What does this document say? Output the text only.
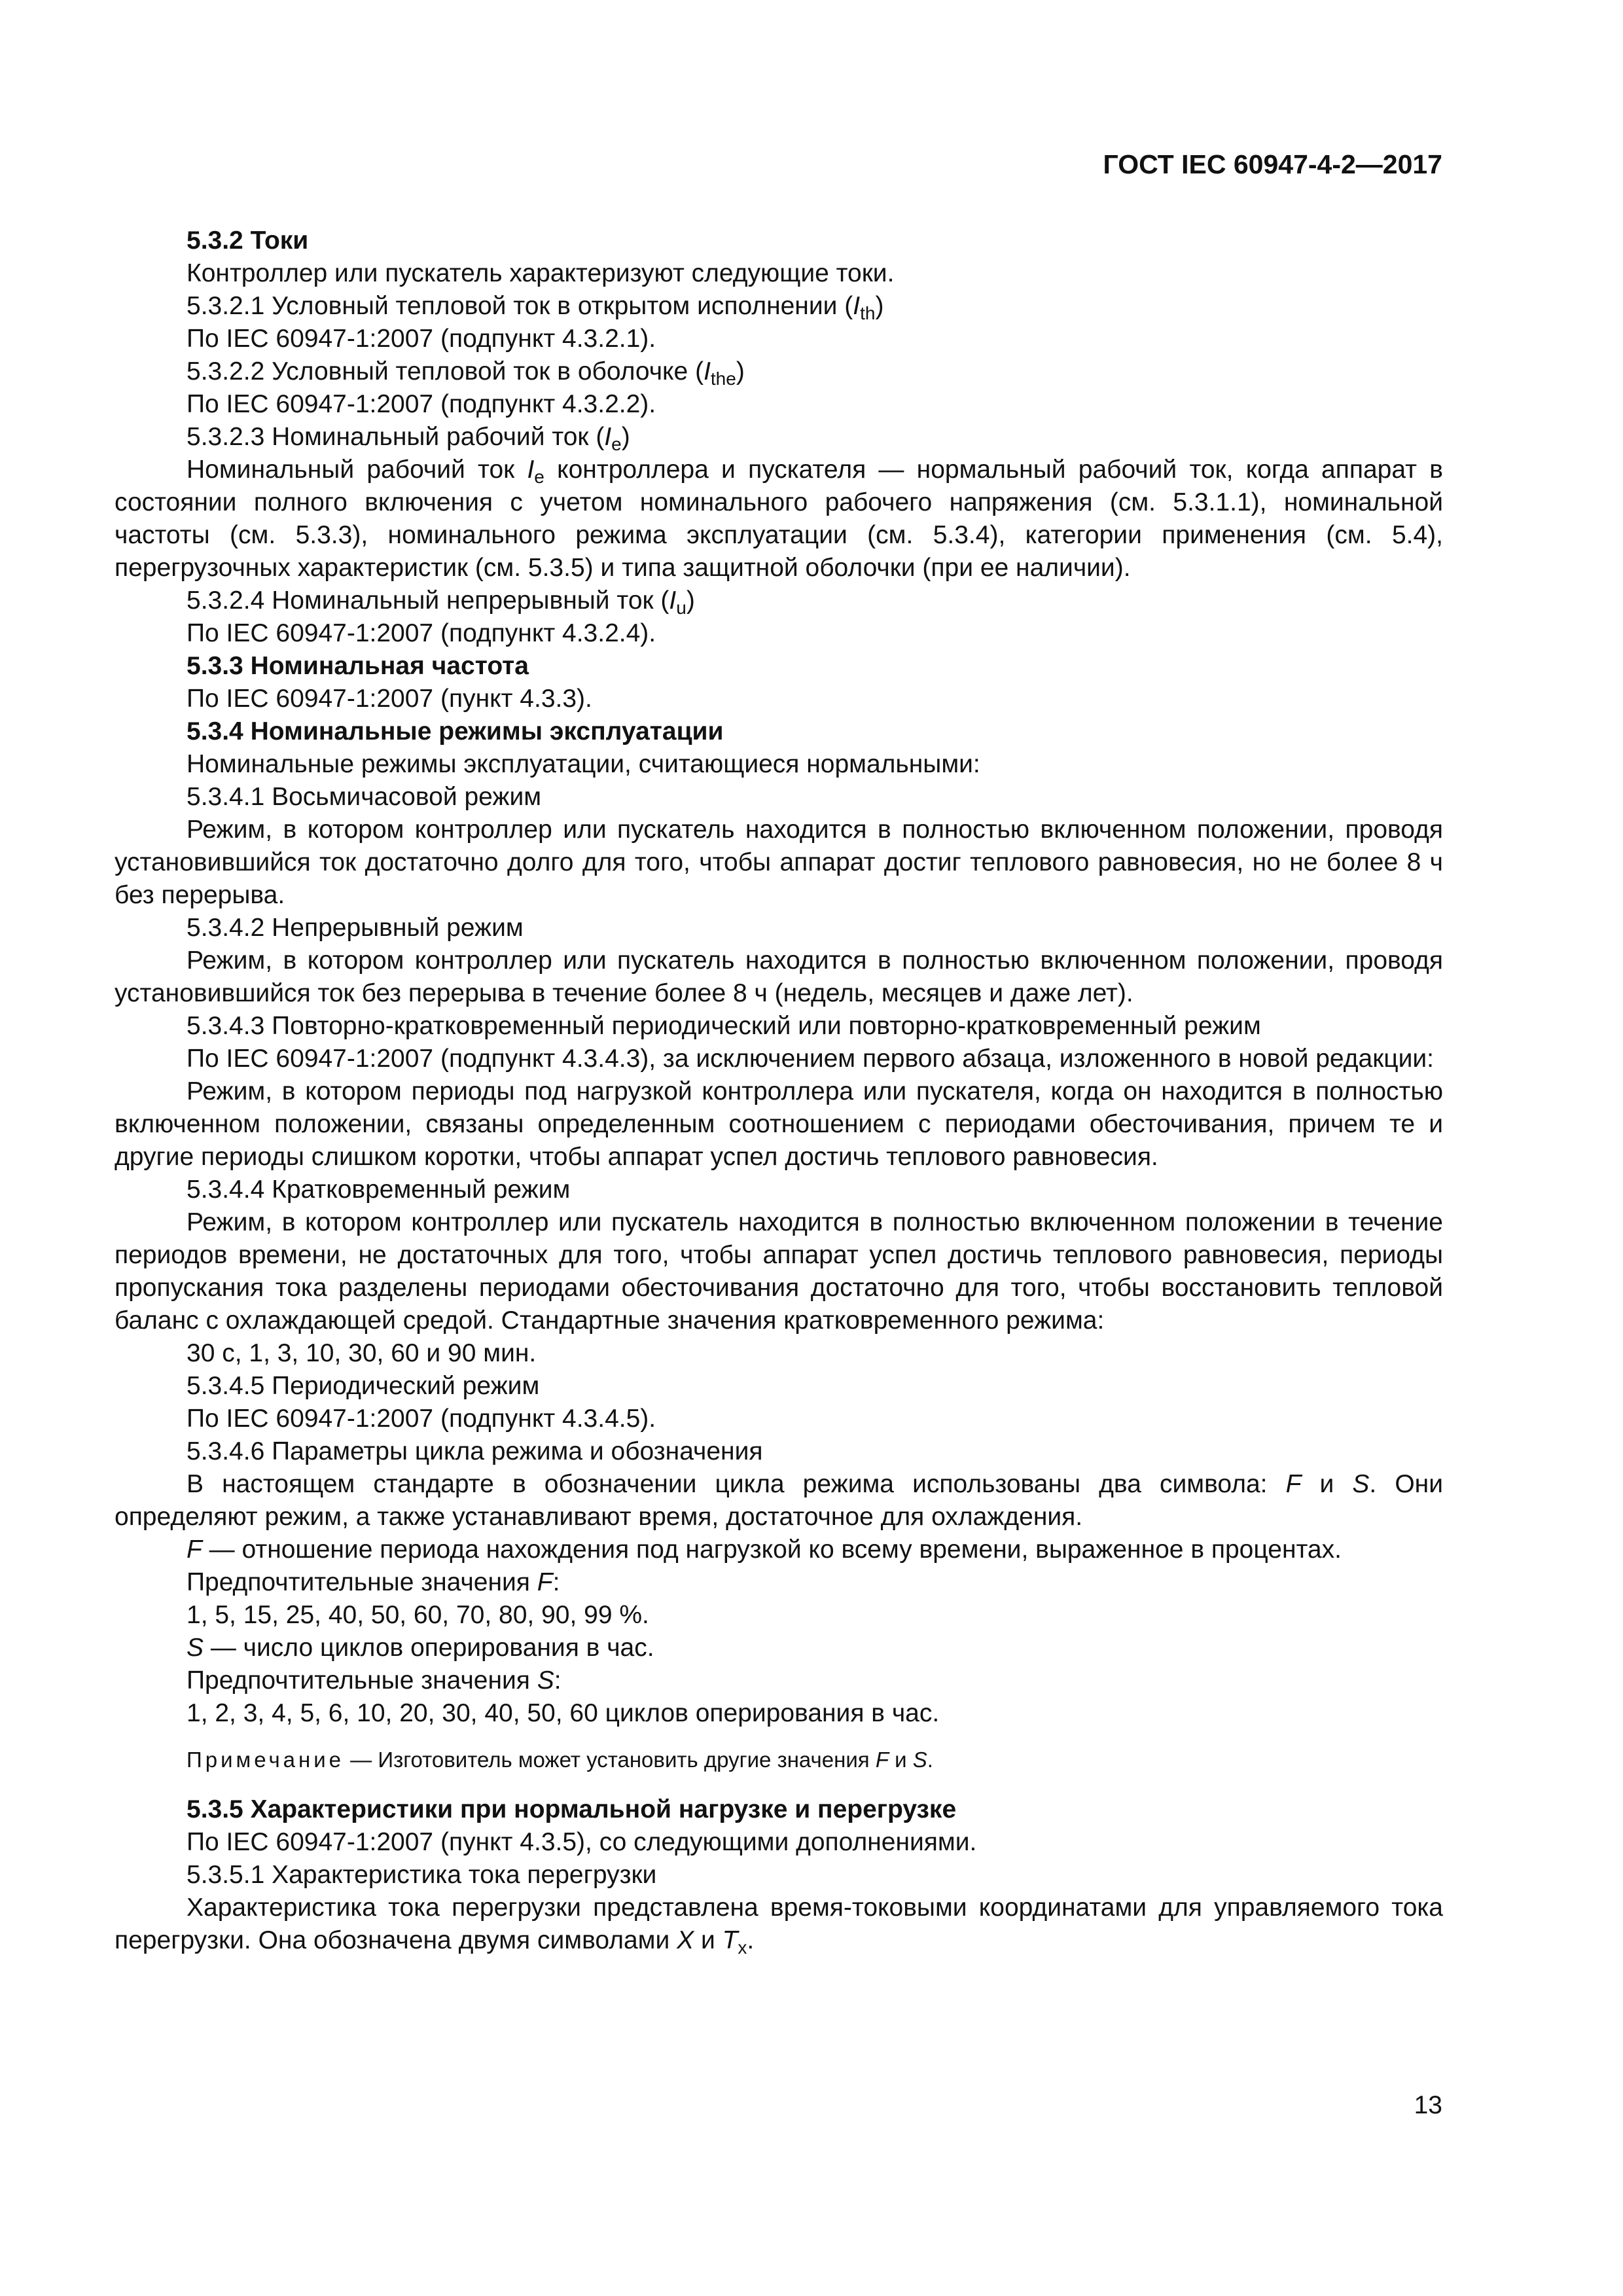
ГОСТ IEC 60947-4-2—2017

5.3.2 Токи

Контроллер или пускатель характеризуют следующие токи.

5.3.2.1 Условный тепловой ток в открытом исполнении $(I_{th})$

По IEC 60947-1:2007 (подпункт 4.3.2.1).

5.3.2.2 Условный тепловой ток в оболочке $(I_{the})$

По IEC 60947-1:2007 (подпункт 4.3.2.2).

5.3.2.3 Номинальный рабочий ток $(I_e)$

Номинальный рабочий ток $I_e$ контроллера и пускателя — нормальный рабочий ток, когда аппарат в состоянии полного включения с учетом номинального рабочего напряжения (см. 5.3.1.1), номинальной частоты (см. 5.3.3), номинального режима эксплуатации (см. 5.3.4), категории применения (см. 5.4), перегрузочных характеристик (см. 5.3.5) и типа защитной оболочки (при ее наличии).

5.3.2.4 Номинальный непрерывный ток $(I_u)$

По IEC 60947-1:2007 (подпункт 4.3.2.4).

5.3.3 Номинальная частота

По IEC 60947-1:2007 (пункт 4.3.3).

5.3.4 Номинальные режимы эксплуатации

Номинальные режимы эксплуатации, считающиеся нормальными:

5.3.4.1 Восьмичасовой режим

Режим, в котором контроллер или пускатель находится в полностью включенном положении, проводя установившийся ток достаточно долго для того, чтобы аппарат достиг теплового равновесия, но не более 8 ч без перерыва.

5.3.4.2 Непрерывный режим

Режим, в котором контроллер или пускатель находится в полностью включенном положении, проводя установившийся ток без перерыва в течение более 8 ч (недель, месяцев и даже лет).

5.3.4.3 Повторно-кратковременный периодический или повторно-кратковременный режим

По IEC 60947-1:2007 (подпункт 4.3.4.3), за исключением первого абзаца, изложенного в новой редакции:

Режим, в котором периоды под нагрузкой контроллера или пускателя, когда он находится в полностью включенном положении, связаны определенным соотношением с периодами обесточивания, причем те и другие периоды слишком коротки, чтобы аппарат успел достичь теплового равновесия.

5.3.4.4 Кратковременный режим

Режим, в котором контроллер или пускатель находится в полностью включенном положении в течение периодов времени, не достаточных для того, чтобы аппарат успел достичь теплового равновесия, периоды пропускания тока разделены периодами обесточивания достаточно для того, чтобы восстановить тепловой баланс с охлаждающей средой. Стандартные значения кратковременного режима:

30 с, 1, 3, 10, 30, 60 и 90 мин.

5.3.4.5 Периодический режим

По IEC 60947-1:2007 (подпункт 4.3.4.5).

5.3.4.6 Параметры цикла режима и обозначения

В настоящем стандарте в обозначении цикла режима использованы два символа: F и S. Они определяют режим, а также устанавливают время, достаточное для охлаждения.

F — отношение периода нахождения под нагрузкой ко всему времени, выраженное в процентах.

Предпочтительные значения F:

1, 5, 15, 25, 40, 50, 60, 70, 80, 90, 99 %.

S — число циклов оперирования в час.

Предпочтительные значения S:

1, 2, 3, 4, 5, 6, 10, 20, 30, 40, 50, 60 циклов оперирования в час.

Примечание — Изготовитель может установить другие значения F и S.

5.3.5 Характеристики при нормальной нагрузке и перегрузке

По IEC 60947-1:2007 (пункт 4.3.5), со следующими дополнениями.

5.3.5.1 Характеристика тока перегрузки

Характеристика тока перегрузки представлена время-токовыми координатами для управляемого тока перегрузки. Она обозначена двумя символами X и $T_x$.

13
